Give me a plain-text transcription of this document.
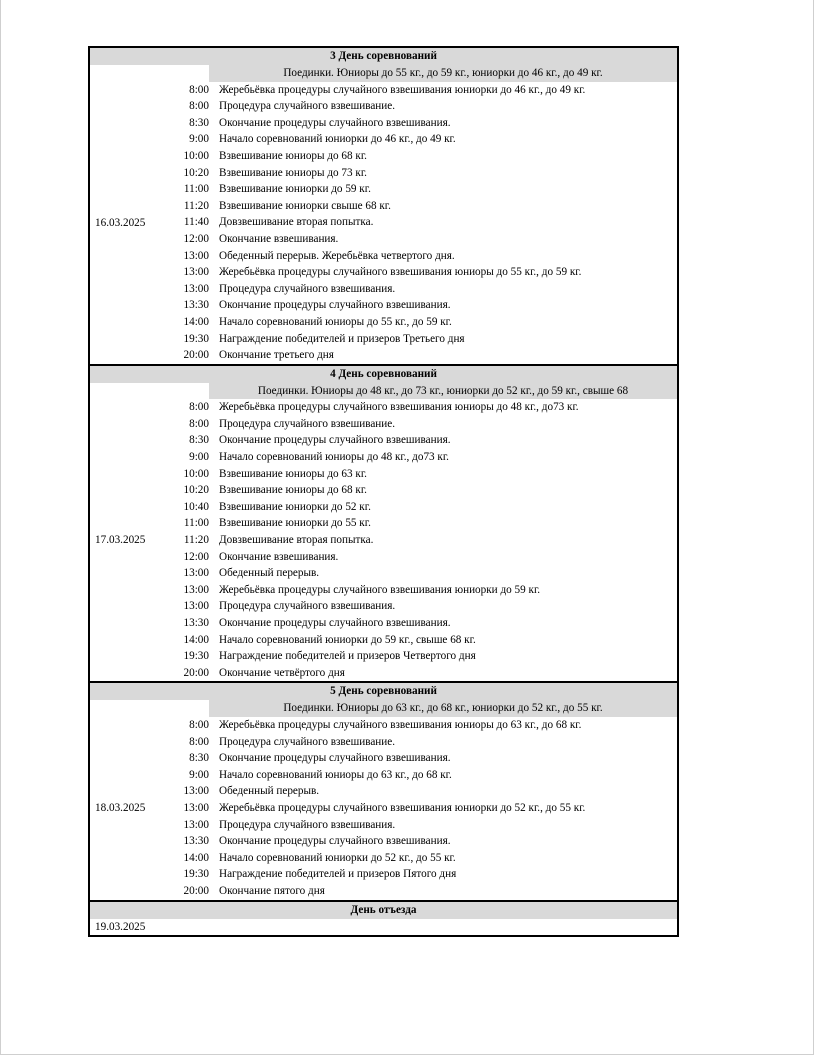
3 День соревнований
Поединки. Юниоры до 55 кг., до 59 кг., юниорки до 46 кг., до 49 кг.
16.03.2025
8:00 Жеребьёвка процедуры случайного взвешивания юниорки до 46 кг., до 49 кг.
8:00 Процедура случайного взвешивание.
8:30 Окончание процедуры случайного взвешивания.
9:00 Начало соревнований юниорки до 46 кг., до 49 кг.
10:00 Взвешивание юниоры до 68 кг.
10:20 Взвешивание юниоры до 73 кг.
11:00 Взвешивание юниорки до 59 кг.
11:20 Взвешивание юниорки свыше 68 кг.
11:40 Довзвешивание вторая попытка.
12:00 Окончание взвешивания.
13:00 Обеденный перерыв. Жеребьёвка четвертого дня.
13:00 Жеребьёвка процедуры случайного взвешивания юниоры до 55 кг., до 59 кг.
13:00 Процедура случайного взвешивания.
13:30 Окончание процедуры случайного взвешивания.
14:00 Начало соревнований юниоры до 55 кг., до 59 кг.
19:30 Награждение победителей и призеров Третьего дня
20:00 Окончание третьего дня
4 День соревнований
Поединки. Юниоры до 48 кг., до 73 кг., юниорки до 52 кг., до 59 кг., свыше 68
17.03.2025
8:00 Жеребьёвка процедуры случайного взвешивания юниоры до 48 кг., до73 кг.
8:00 Процедура случайного взвешивание.
8:30 Окончание процедуры случайного взвешивания.
9:00 Начало соревнований юниоры до 48 кг., до73 кг.
10:00 Взвешивание юниоры до 63 кг.
10:20 Взвешивание юниоры до 68 кг.
10:40 Взвешивание юниорки до 52 кг.
11:00 Взвешивание юниорки до 55 кг.
11:20 Довзвешивание вторая попытка.
12:00 Окончание взвешивания.
13:00 Обеденный перерыв.
13:00 Жеребьёвка процедуры случайного взвешивания юниорки до 59 кг.
13:00 Процедура случайного взвешивания.
13:30 Окончание процедуры случайного взвешивания.
14:00 Начало соревнований юниорки до 59 кг., свыше 68 кг.
19:30 Награждение победителей и призеров Четвертого дня
20:00 Окончание четвёртого дня
5 День соревнований
Поединки. Юниоры до 63 кг., до 68 кг., юниорки до 52 кг., до 55 кг.
18.03.2025
8:00 Жеребьёвка процедуры случайного взвешивания юниоры до 63 кг., до 68 кг.
8:00 Процедура случайного взвешивание.
8:30 Окончание процедуры случайного взвешивания.
9:00 Начало соревнований юниоры до 63 кг., до 68 кг.
13:00 Обеденный перерыв.
13:00 Жеребьёвка процедуры случайного взвешивания юниорки до 52 кг., до 55 кг.
13:00 Процедура случайного взвешивания.
13:30 Окончание процедуры случайного взвешивания.
14:00 Начало соревнований юниорки до 52 кг., до 55 кг.
19:30 Награждение победителей и призеров Пятого дня
20:00 Окончание пятого дня
День отъезда
19.03.2025
